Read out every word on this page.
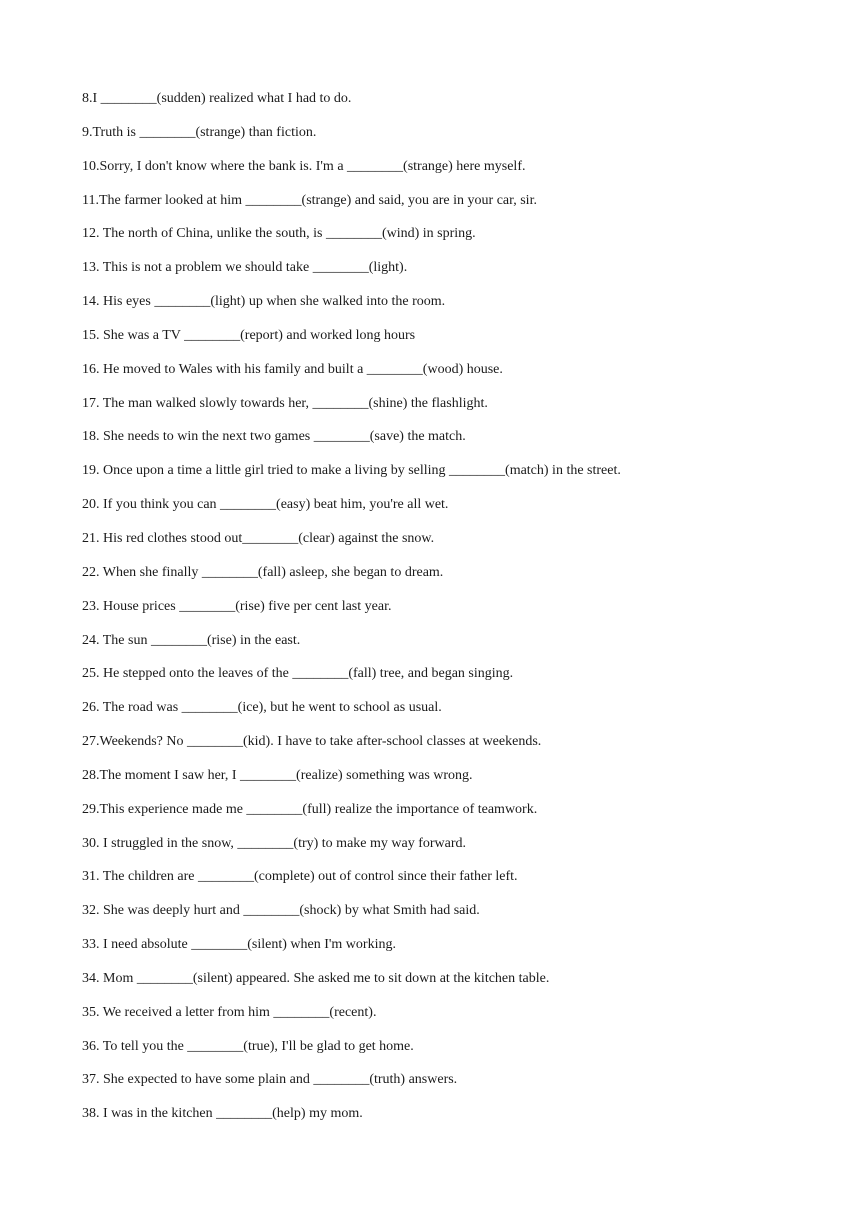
8.I ________(sudden) realized what I had to do.
9.Truth is ________(strange) than fiction.
10.Sorry, I don't know where the bank is. I'm a ________(strange) here myself.
11.The farmer looked at him ________(strange) and said, you are in your car, sir.
12. The north of China, unlike the south, is ________(wind) in spring.
13. This is not a problem we should take ________(light).
14. His eyes ________(light) up when she walked into the room.
15. She was a TV ________(report) and worked long hours
16. He moved to Wales with his family and built a ________(wood) house.
17. The man walked slowly towards her, ________(shine) the flashlight.
18. She needs to win the next two games ________(save) the match.
19. Once upon a time a little girl tried to make a living by selling ________(match) in the street.
20. If you think you can ________(easy) beat him, you're all wet.
21. His red clothes stood out________(clear) against the snow.
22. When she finally ________(fall) asleep, she began to dream.
23. House prices ________(rise) five per cent last year.
24. The sun ________(rise) in the east.
25. He stepped onto the leaves of the ________(fall) tree, and began singing.
26. The road was ________(ice), but he went to school as usual.
27.Weekends? No ________(kid). I have to take after-school classes at weekends.
28.The moment I saw her, I ________(realize) something was wrong.
29.This experience made me ________(full) realize the importance of teamwork.
30. I struggled in the snow, ________(try) to make my way forward.
31. The children are ________(complete) out of control since their father left.
32. She was deeply hurt and ________(shock) by what Smith had said.
33. I need absolute ________(silent) when I'm working.
34. Mom ________(silent) appeared. She asked me to sit down at the kitchen table.
35. We received a letter from him ________(recent).
36. To tell you the ________(true), I'll be glad to get home.
37. She expected to have some plain and ________(truth) answers.
38. I was in the kitchen ________(help) my mom.
